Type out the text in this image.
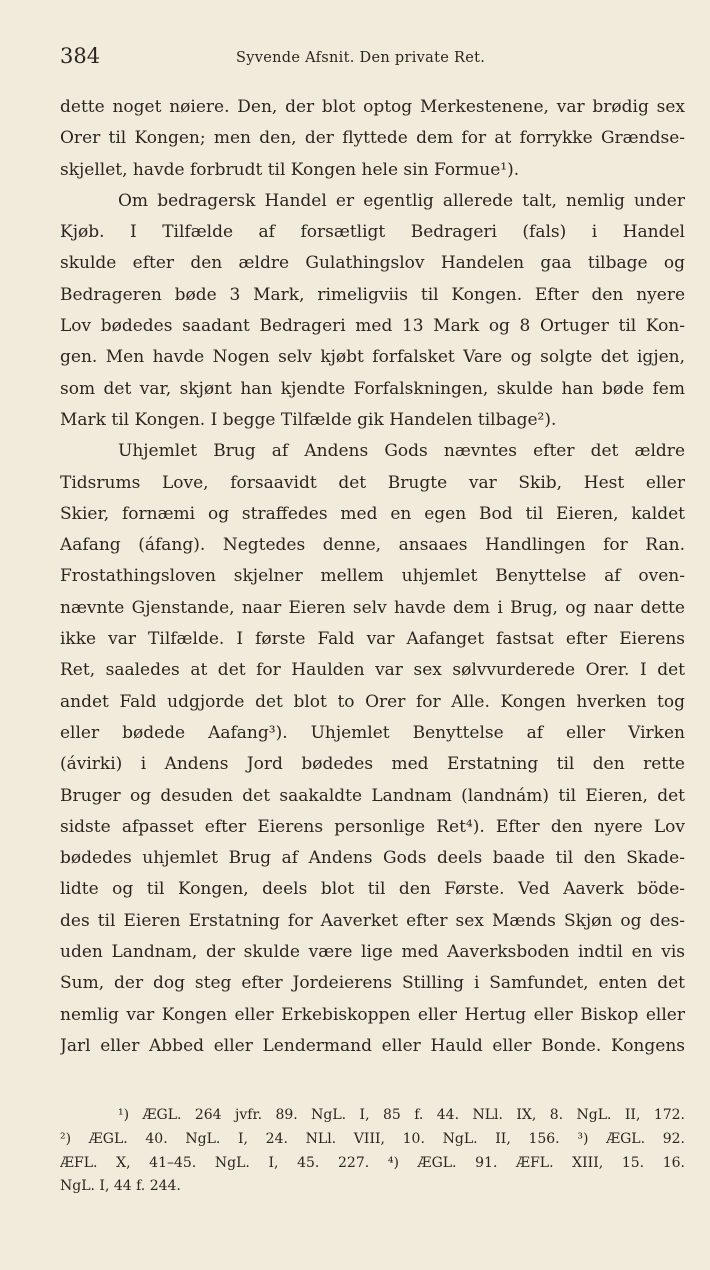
384	Syvende Afsnit. Den private Ret.
dette noget nøiere. Den, der blot optog Merkestenene, var brødig sex
Orer til Kongen; men den, der flyttede dem for at forrykke Grændse-
skjellet, havde forbrudt til Kongen hele sin Formue¹).
Om bedragersk Handel er egentlig allerede talt, nemlig under
Kjøb. I Tilfælde af forsætligt Bedrageri (fals) i Handel
skulde efter den ældre Gulathingslov Handelen gaa tilbage og
Bedrageren bøde 3 Mark, rimeligviis til Kongen. Efter den nyere
Lov bødedes saadant Bedrageri med 13 Mark og 8 Ortuger til Kon-
gen. Men havde Nogen selv kjøbt forfalsket Vare og solgte det igjen,
som det var, skjønt han kjendte Forfalskningen, skulde han bøde fem
Mark til Kongen. I begge Tilfælde gik Handelen tilbage²).
Uhjemlet Brug af Andens Gods nævntes efter det ældre
Tidsrums Love, forsaavidt det Brugte var Skib, Hest eller
Skier, fornæmi og straffedes med en egen Bod til Eieren, kaldet
Aafang (áfang). Negtedes denne, ansaaes Handlingen for Ran.
Frostathingsloven skjelner mellem uhjemlet Benyttelse af oven-
nævnte Gjenstande, naar Eieren selv havde dem i Brug, og naar dette
ikke var Tilfælde. I første Fald var Aafanget fastsat efter Eierens
Ret, saaledes at det for Haulden var sex sølvvurderede Orer. I det
andet Fald udgjorde det blot to Orer for Alle. Kongen hverken tog
eller bødede Aafang³). Uhjemlet Benyttelse af eller Virken
(ávirki) i Andens Jord bødedes med Erstatning til den rette
Bruger og desuden det saakaldte Landnam (landnám) til Eieren, det
sidste afpasset efter Eierens personlige Ret⁴). Efter den nyere Lov
bødedes uhjemlet Brug af Andens Gods deels baade til den Skade-
lidte og til Kongen, deels blot til den Første. Ved Aaverk böde-
des til Eieren Erstatning for Aaverket efter sex Mænds Skjøn og des-
uden Landnam, der skulde være lige med Aaverksboden indtil en vis
Sum, der dog steg efter Jordeierens Stilling i Samfundet, enten det
nemlig var Kongen eller Erkebiskoppen eller Hertug eller Biskop eller
Jarl eller Abbed eller Lendermand eller Hauld eller Bonde. Kongens
¹) ÆGL. 264 jvfr. 89. NgL. I, 85 f. 44. NLl. IX, 8. NgL. II, 172.
²) ÆGL. 40. NgL. I, 24. NLl. VIII, 10. NgL. II, 156. ³) ÆGL. 92.
ÆFL. X, 41–45. NgL. I, 45. 227. ⁴) ÆGL. 91. ÆFL. XIII, 15. 16.
NgL. I, 44 f. 244.
